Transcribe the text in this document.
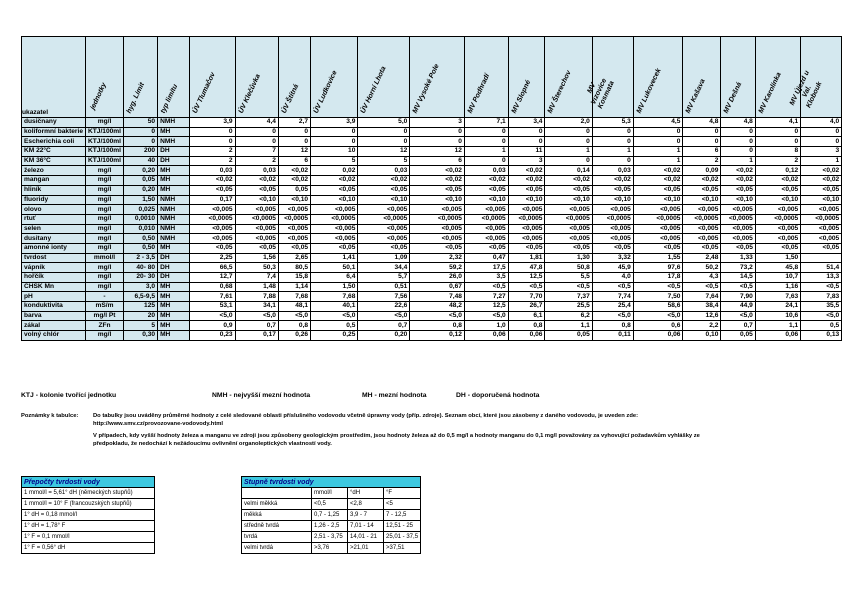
ukazatel	jednotky	hyg. Limit	typ limitu	ÚV Tlumačov	ÚV Klečůvka	ÚV Štítná	ÚV Ludkovice	ÚV Horní Lhota	MV Vysoké Pole	MV Podhradí	MV Slopné	MV Šterechov	MV Vizovice Kosmata	MV Lukovecek	MV Kašava	MV Dešná	MV Karolinka	MV Újezd u Val. Klobouk

dusičnany	mg/l	50	NMH	3,9	4,4	2,7	3,9	5,0	3	7,1	3,4	2,0	5,3	4,5	4,8	4,8	4,1	4,0
koliformní bakterie	KTJ/100ml	0	MH	0	0	0	0	0	0	0	0	0	0	0	0	0	0	0
Escherichia coli	KTJ/100ml	0	NMH	0	0	0	0	0	0	0	0	0	0	0	0	0	0	0
KM 22°C	KTJ/100ml	200	DH	2	7	12	10	12	12	1	11	1	1	1	6	0	8	3
KM 36°C	KTJ/100ml	40	DH	2	2	6	5	5	6	0	3	0	0	1	2	1	2	1
železo	mg/l	0,20	MH	0,03	0,03	<0,02	0,02	0,03	<0,02	0,03	<0,02	0,14	0,03	<0,02	0,09	<0,02	0,12	<0,02
mangan	mg/l	0,05	MH	<0,02	<0,02	<0,02	<0,02	<0,02	<0,02	<0,02	<0,02	<0,02	<0,02	<0,02	<0,02	<0,02	<0,02	<0,02
hliník	mg/l	0,20	MH	<0,05	<0,05	0,05	<0,05	<0,05	<0,05	<0,05	<0,05	<0,05	<0,05	<0,05	<0,05	<0,05	<0,05	<0,05
fluoridy	mg/l	1,50	NMH	0,17	<0,10	<0,10	<0,10	<0,10	<0,10	<0,10	<0,10	<0,10	<0,10	<0,10	<0,10	<0,10	<0,10	<0,10
olovo	mg/l	0,025	NMH	<0,005	<0,005	<0,005	<0,005	<0,005	<0,005	<0,005	<0,005	<0,005	<0,005	<0,005	<0,005	<0,005	<0,005	<0,005
rtuť	mg/l	0,0010	NMH	<0,0005	<0,0005	<0,0005	<0,0005	<0,0005	<0,0005	<0,0005	<0,0005	<0,0005	<0,0005	<0,0005	<0,0005	<0,0005	<0,0005	<0,0005
selen	mg/l	0,010	NMH	<0,005	<0,005	<0,005	<0,005	<0,005	<0,005	<0,005	<0,005	<0,005	<0,005	<0,005	<0,005	<0,005	<0,005	<0,005
dusitany	mg/l	0,50	NMH	<0,005	<0,005	<0,005	<0,005	<0,005	<0,005	<0,005	<0,005	<0,005	<0,005	<0,005	<0,005	<0,005	<0,005	<0,005
amonné ionty	mg/l	0,50	MH	<0,05	<0,05	<0,05	<0,05	<0,05	<0,05	<0,05	<0,05	<0,05	<0,05	<0,05	<0,05	<0,05	<0,05	<0,05
tvrdost	mmol/l	2 - 3,5	DH	2,25	1,56	2,65	1,41	1,09	2,32	0,47	1,81	1,30	3,32	1,55	2,48	1,33	1,50	
vápník	mg/l	40- 80	DH	66,5	50,3	80,5	50,1	34,4	59,2	17,5	47,8	50,8	45,9	97,6	50,2	73,2	45,8	51,4
hořčík	mg/l	20- 30	DH	12,7	7,4	15,8	6,4	5,7	26,0	3,5	12,5	5,5	4,0	17,8	4,3	14,5	10,7	13,3
CHSK Mn	mg/l	3,0	MH	0,68	1,48	1,14	1,50	0,51	0,67	<0,5	<0,5	<0,5	<0,5	<0,5	<0,5	<0,5	1,16	<0,5
pH	-	6,5-9,5	MH	7,61	7,88	7,68	7,68	7,56	7,48	7,27	7,70	7,37	7,74	7,50	7,64	7,90	7,63	7,83
konduktivita	mS/m	125	MH	53,1	34,1	48,1	40,1	22,6	48,2	12,5	26,7	25,5	25,4	58,6	38,4	44,9	24,1	35,5
barva	mg/l Pt	20	MH	<5,0	<5,0	<5,0	<5,0	<5,0	<5,0	<5,0	6,1	6,2	<5,0	<5,0	12,6	<5,0	10,6	<5,0
zákal	ZFn	5	MH	0,9	0,7	0,8	0,5	0,7	0,8	1,0	0,8	1,1	0,8	0,6	2,2	0,7	1,1	0,5
volný chlór	mg/l	0,30	MH	0,23	0,17	0,26	0,25	0,20	0,12	0,06	0,06	0,05	0,11	0,06	0,10	0,05	0,06	0,13
KTJ - kolonie tvořící jednotku	NMH - nejvyšší mezní hodnota	MH - mezní hodnota	DH - doporučená hodnota
Poznámky k tabulce:	Do tabulky jsou uváděny průměrné hodnoty z celé sledované oblasti příslušného vodovodu včetně úpravny vody (příp. zdroje). Seznam obcí, které jsou zásobeny z daného vodovodu, je uveden zde: http://www.smv.cz/provozovane-vodovody.html

V případech, kdy vyšší hodnoty železa a manganu ve zdroji jsou způsobeny geologickým prostředím, jsou hodnoty železa až do 0,5 mg/l a hodnoty manganu do 0,1 mg/l považovány za vyhovující požadavkům vyhlášky ze předpokladu, že nedochází k nežádoucímu ovlivnění organoleptických vlastností vody.

Přepočty tvrdosti vody
1 mmol/l = 5,61° dH (německých stupňů)
1 mmol/l = 10° F (francouzských stupňů)
1° dH = 0,18 mmol/l
1° dH = 1,78° F
1° F = 0,1 mmol/l
1° F = 0,56° dH
Stupně tvrdosti vody			
	mmol/l	°dH	°F
velmi měkká	<0,5	<2,8	<5
měkká	0,7 - 1,25	3,9 - 7	7 - 12,5
středně tvrdá	1,26 - 2,5	7,01 - 14	12,51 - 25
tvrdá	2,51 - 3,75	14,01 - 21	25,01 - 37,5
velmi tvrdá	>3,76	>21,01	>37,51
